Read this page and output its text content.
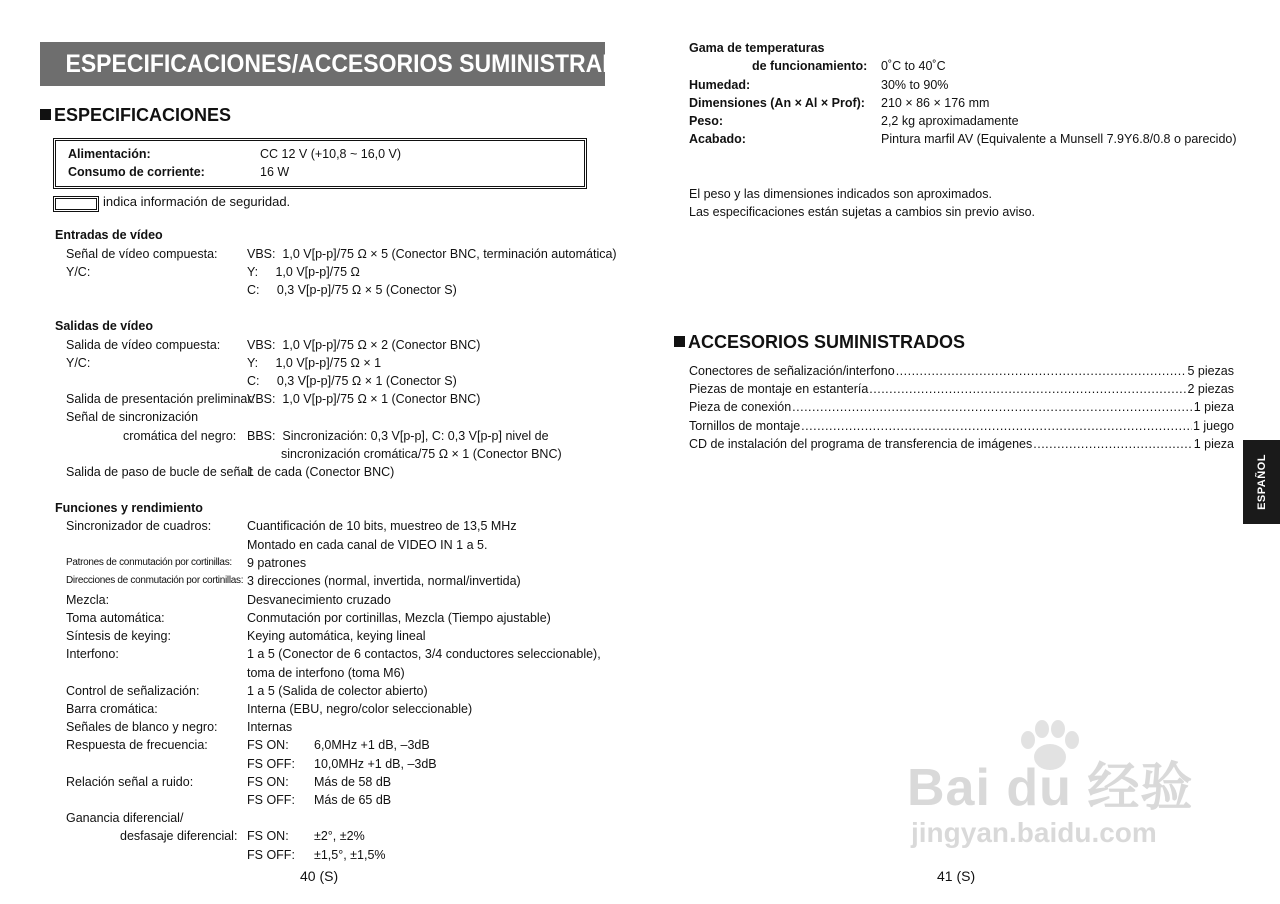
ESPECIFICACIONES/ACCESORIOS SUMINISTRADOS
ESPECIFICACIONES
Alimentación:	CC 12 V (+10,8 ~ 16,0 V)
Consumo de corriente:	16 W
indica información de seguridad.
Entradas de vídeo
Señal de vídeo compuesta: VBS:  1,0 V[p-p]/75 Ω × 5 (Conector BNC, terminación automática)
Y/C:	Y:     1,0 V[p-p]/75 Ω
C:     0,3 V[p-p]/75 Ω × 5 (Conector S)
Salidas de vídeo
Salida de vídeo compuesta: VBS:  1,0 V[p-p]/75 Ω × 2 (Conector BNC)
Y/C:	Y:     1,0 V[p-p]/75 Ω × 1
C:     0,3 V[p-p]/75 Ω × 1 (Conector S)
Salida de presentación preliminar:
VBS:  1,0 V[p-p]/75 Ω × 1 (Conector BNC)
Señal de sincronización
cromática del negro: BBS:  Sincronización: 0,3 V[p-p], C: 0,3 V[p-p] nivel de
sincronización cromática/75 Ω × 1 (Conector BNC)
Salida de paso de bucle de señal:
1 de cada (Conector BNC)
Funciones y rendimiento
Sincronizador de cuadros:	Cuantificación de 10 bits, muestreo de 13,5 MHz
Montado en cada canal de VIDEO IN 1 a 5.
Patrones de conmutación por cortinillas: 9 patrones
Direcciones de conmutación por cortinillas: 3 direcciones (normal, invertida, normal/invertida)
Mezcla:	Desvanecimiento cruzado
Toma automática:	Conmutación por cortinillas, Mezcla (Tiempo ajustable)
Síntesis de keying:	Keying automática, keying lineal
Interfono:	1 a 5 (Conector de 6 contactos, 3/4 conductores seleccionable),
toma de interfono (toma M6)
Control de señalización:	1 a 5 (Salida de colector abierto)
Barra cromática:	Interna (EBU, negro/color seleccionable)
Señales de blanco y negro: Internas
Respuesta de frecuencia:	FS ON: 6,0MHz +1 dB, –3dB
FS OFF: 10,0MHz +1 dB, –3dB
Relación señal a ruido:	FS ON: Más de 58 dB
FS OFF: Más de 65 dB
Ganancia diferencial/
desfasaje diferencial: FS ON: ±2°, ±2%
FS OFF: ±1,5°, ±1,5%
40 (S)
Gama de temperaturas
de funcionamiento: 0˚C to 40˚C
Humedad:	30% to 90%
Dimensiones (An × Al × Prof): 210 × 86 × 176 mm
Peso:	2,2 kg aproximadamente
Acabado:	Pintura marfil AV (Equivalente a Munsell 7.9Y6.8/0.8 o parecido)
El peso y las dimensiones indicados son aproximados.
Las especificaciones están sujetas a cambios sin previo aviso.
ACCESORIOS SUMINISTRADOS
Conectores de señalización/interfono .....	5 piezas
Piezas de montaje en estantería .....	2 piezas
Pieza de conexión .....	1 pieza
Tornillos de montaje .....	1 juego
CD de instalación del programa de transferencia de imágenes .....	1 pieza
ESPAÑOL
41 (S)
Bai du 经验
jingyan.baidu.com
